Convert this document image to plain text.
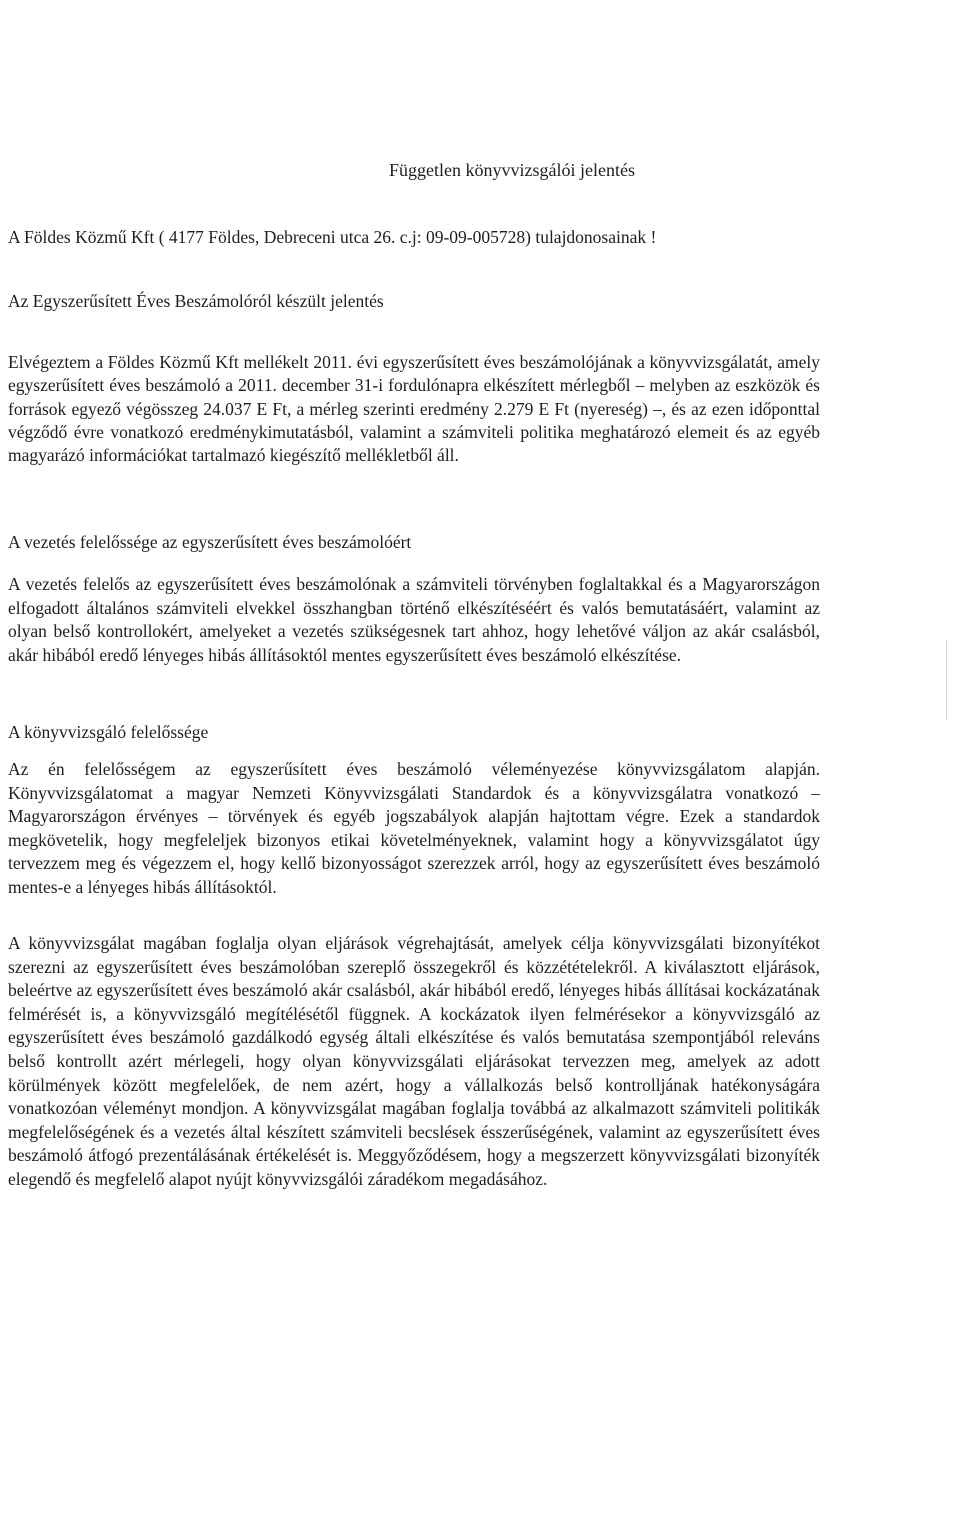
Független könyvvizsgálói jelentés
A Földes Közmű Kft ( 4177 Földes, Debreceni utca 26. c.j: 09-09-005728) tulajdonosainak !
Az Egyszerűsített Éves Beszámolóról készült jelentés

Elvégeztem a Földes Közmű Kft mellékelt 2011. évi egyszerűsített éves beszámolójának a könyvvizsgálatát, amely egyszerűsített éves beszámoló a 2011. december 31-i fordulónapra elkészített mérlegből – melyben az eszközök és források egyező végösszeg 24.037 E Ft, a mérleg szerinti eredmény 2.279 E Ft (nyereség) –, és az ezen időponttal végződő évre vonatkozó eredménykimutatásból, valamint a számviteli politika meghatározó elemeit és az egyéb magyarázó információkat tartalmazó kiegészítő mellékletből áll.

A vezetés felelőssége az egyszerűsített éves beszámolóért

A vezetés felelős az egyszerűsített éves beszámolónak a számviteli törvényben foglaltakkal és a Magyarországon elfogadott általános számviteli elvekkel összhangban történő elkészítéséért és valós bemutatásáért, valamint az olyan belső kontrollokért, amelyeket a vezetés szükségesnek tart ahhoz, hogy lehetővé váljon az akár csalásból, akár hibából eredő lényeges hibás állításoktól mentes egyszerűsített éves beszámoló elkészítése.

A könyvvizsgáló felelőssége

Az én felelősségem az egyszerűsített éves beszámoló véleményezése könyvvizsgálatom alapján. Könyvvizsgálatomat a magyar Nemzeti Könyvvizsgálati Standardok és a könyvvizsgálatra vonatkozó – Magyarországon érvényes – törvények és egyéb jogszabályok alapján hajtottam végre. Ezek a standardok megkövetelik, hogy megfeleljek bizonyos etikai követelményeknek, valamint hogy a könyvvizsgálatot úgy tervezzem meg és végezzem el, hogy kellő bizonyosságot szerezzek arról, hogy az egyszerűsített éves beszámoló mentes-e a lényeges hibás állításoktól.

A könyvvizsgálat magában foglalja olyan eljárások végrehajtását, amelyek célja könyvvizsgálati bizonyítékot szerezni az egyszerűsített éves beszámolóban szereplő összegekről és közzétételekről. A kiválasztott eljárások, beleértve az egyszerűsített éves beszámoló akár csalásból, akár hibából eredő, lényeges hibás állításai kockázatának felmérését is, a könyvvizsgáló megítélésétől függnek. A kockázatok ilyen felmérésekor a könyvvizsgáló az egyszerűsített éves beszámoló gazdálkodó egység általi elkészítése és valós bemutatása szempontjából releváns belső kontrollt azért mérlegeli, hogy olyan könyvvizsgálati eljárásokat tervezzen meg, amelyek az adott körülmények között megfelelőek, de nem azért, hogy a vállalkozás belső kontrolljának hatékonyságára vonatkozóan véleményt mondjon. A könyvvizsgálat magában foglalja továbbá az alkalmazott számviteli politikák megfelelőségének és a vezetés által készített számviteli becslések ésszerűségének, valamint az egyszerűsített éves beszámoló átfogó prezentálásának értékelését is. Meggyőződésem, hogy a megszerzett könyvvizsgálati bizonyíték elegendő és megfelelő alapot nyújt könyvvizsgálói záradékom megadásához.
